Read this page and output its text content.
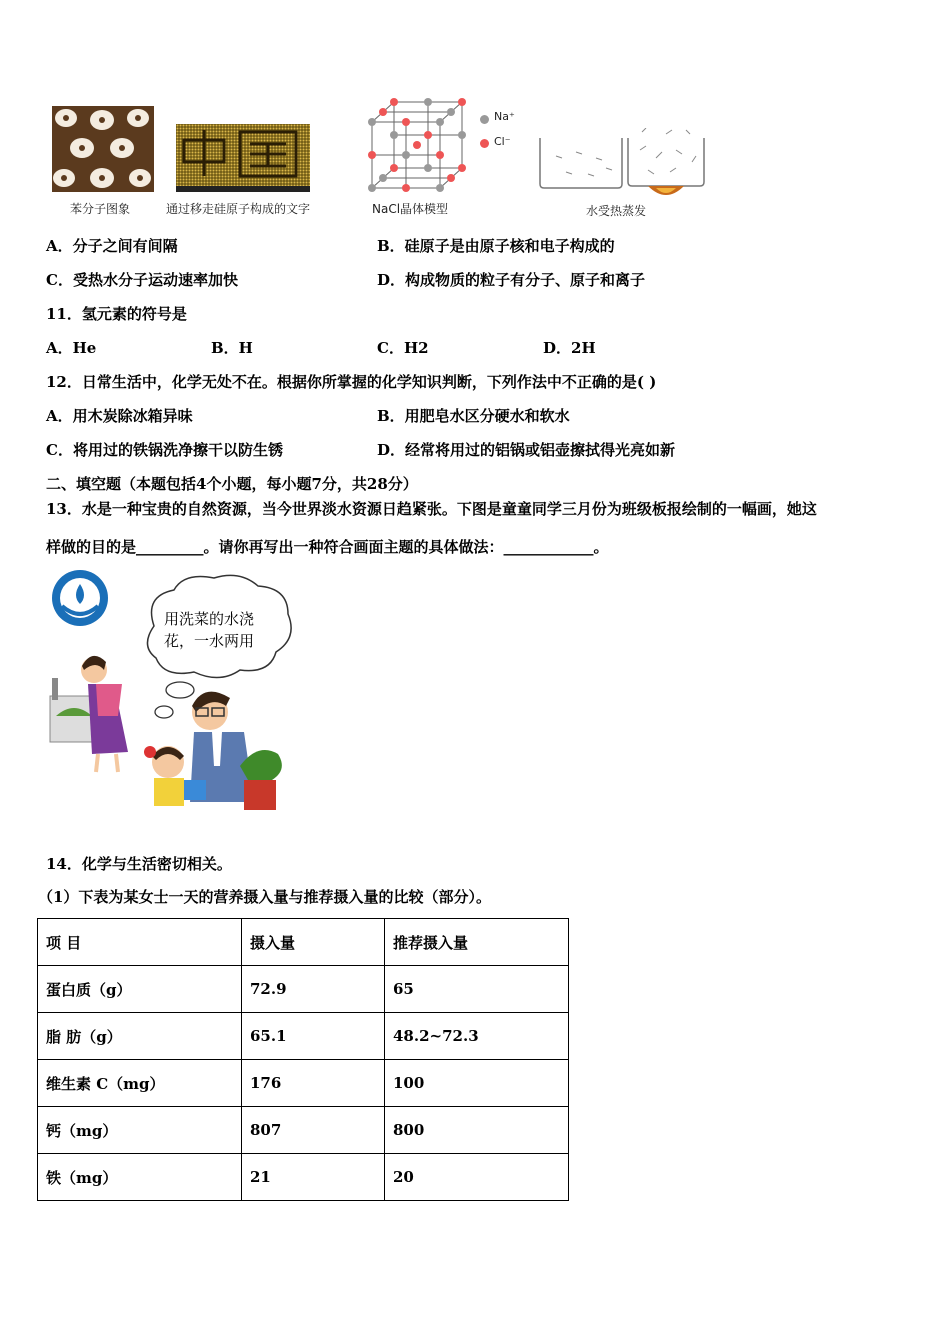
苯分子图象	通过移走硅原子构成的文字
Na⁺
Cl⁻
NaCl晶体模型	水受热蒸发
A．分子之间有间隔	B．硅原子是由原子核和电子构成的
C．受热水分子运动速率加快	D．构成物质的粒子有分子、原子和离子
11．氢元素的符号是
A．He	B．H	C．H2	D．2H
12．日常生活中，化学无处不在。根据你所掌握的化学知识判断，下列作法中不正确的是( )
A．用木炭除冰箱异味	B．用肥皂水区分硬水和软水
C．将用过的铁锅洗净擦干以防生锈	D．经常将用过的铝锅或铝壶擦拭得光亮如新
二、填空题（本题包括4个小题，每小题7分，共28分）
13．水是一种宝贵的自然资源，当今世界淡水资源日趋紧张。下图是童童同学三月份为班级板报绘制的一幅画，她这
样做的目的是_________。请你再写出一种符合画面主题的具体做法：____________。
用洗菜的水浇
花，一水两用
14．化学与生活密切相关。
（1）下表为某女士一天的营养摄入量与推荐摄入量的比较（部分）。
项 目	摄入量	推荐摄入量
蛋白质（g）	72.9	65
脂 肪（g）	65.1	48.2~72.3
维生素 C（mg）	176	100
钙（mg）	807	800
铁（mg）	21	20
